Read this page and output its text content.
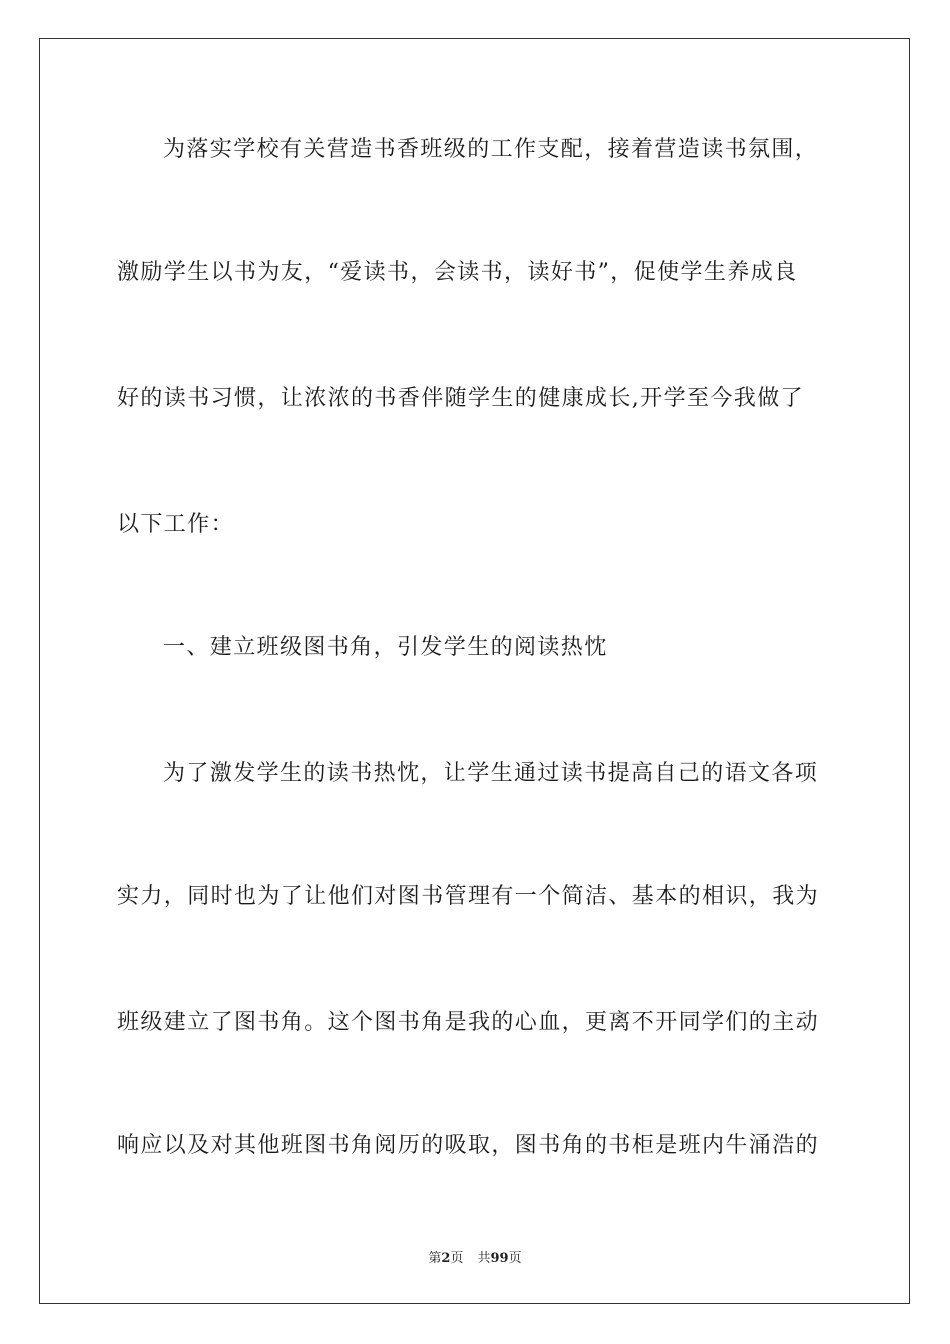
为落实学校有关营造书香班级的工作支配，接着营造读书氛围，
激励学生以书为友，“爱读书，会读书，读好书”，促使学生养成良
好的读书习惯，让浓浓的书香伴随学生的健康成长,开学至今我做了
以下工作：
一、建立班级图书角，引发学生的阅读热忱
为了激发学生的读书热忱，让学生通过读书提高自己的语文各项
实力，同时也为了让他们对图书管理有一个简洁、基本的相识，我为
班级建立了图书角。这个图书角是我的心血，更离不开同学们的主动
响应以及对其他班图书角阅历的吸取，图书角的书柜是班内牛涌浩的
第2页 共99页
